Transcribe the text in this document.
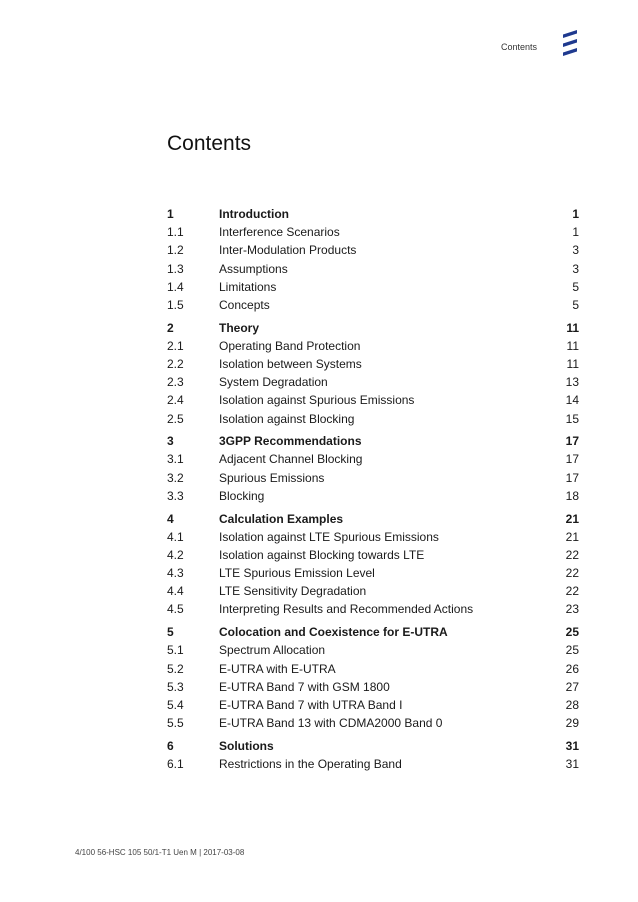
Contents
Contents
1	Introduction	1
1.1	Interference Scenarios	1
1.2	Inter-Modulation Products	3
1.3	Assumptions	3
1.4	Limitations	5
1.5	Concepts	5
2	Theory	11
2.1	Operating Band Protection	11
2.2	Isolation between Systems	11
2.3	System Degradation	13
2.4	Isolation against Spurious Emissions	14
2.5	Isolation against Blocking	15
3	3GPP Recommendations	17
3.1	Adjacent Channel Blocking	17
3.2	Spurious Emissions	17
3.3	Blocking	18
4	Calculation Examples	21
4.1	Isolation against LTE Spurious Emissions	21
4.2	Isolation against Blocking towards LTE	22
4.3	LTE Spurious Emission Level	22
4.4	LTE Sensitivity Degradation	22
4.5	Interpreting Results and Recommended Actions	23
5	Colocation and Coexistence for E-UTRA	25
5.1	Spectrum Allocation	25
5.2	E-UTRA with E-UTRA	26
5.3	E-UTRA Band 7 with GSM 1800	27
5.4	E-UTRA Band 7 with UTRA Band I	28
5.5	E-UTRA Band 13 with CDMA2000 Band 0	29
6	Solutions	31
6.1	Restrictions in the Operating Band	31
4/100 56-HSC 105 50/1-T1 Uen M | 2017-03-08
